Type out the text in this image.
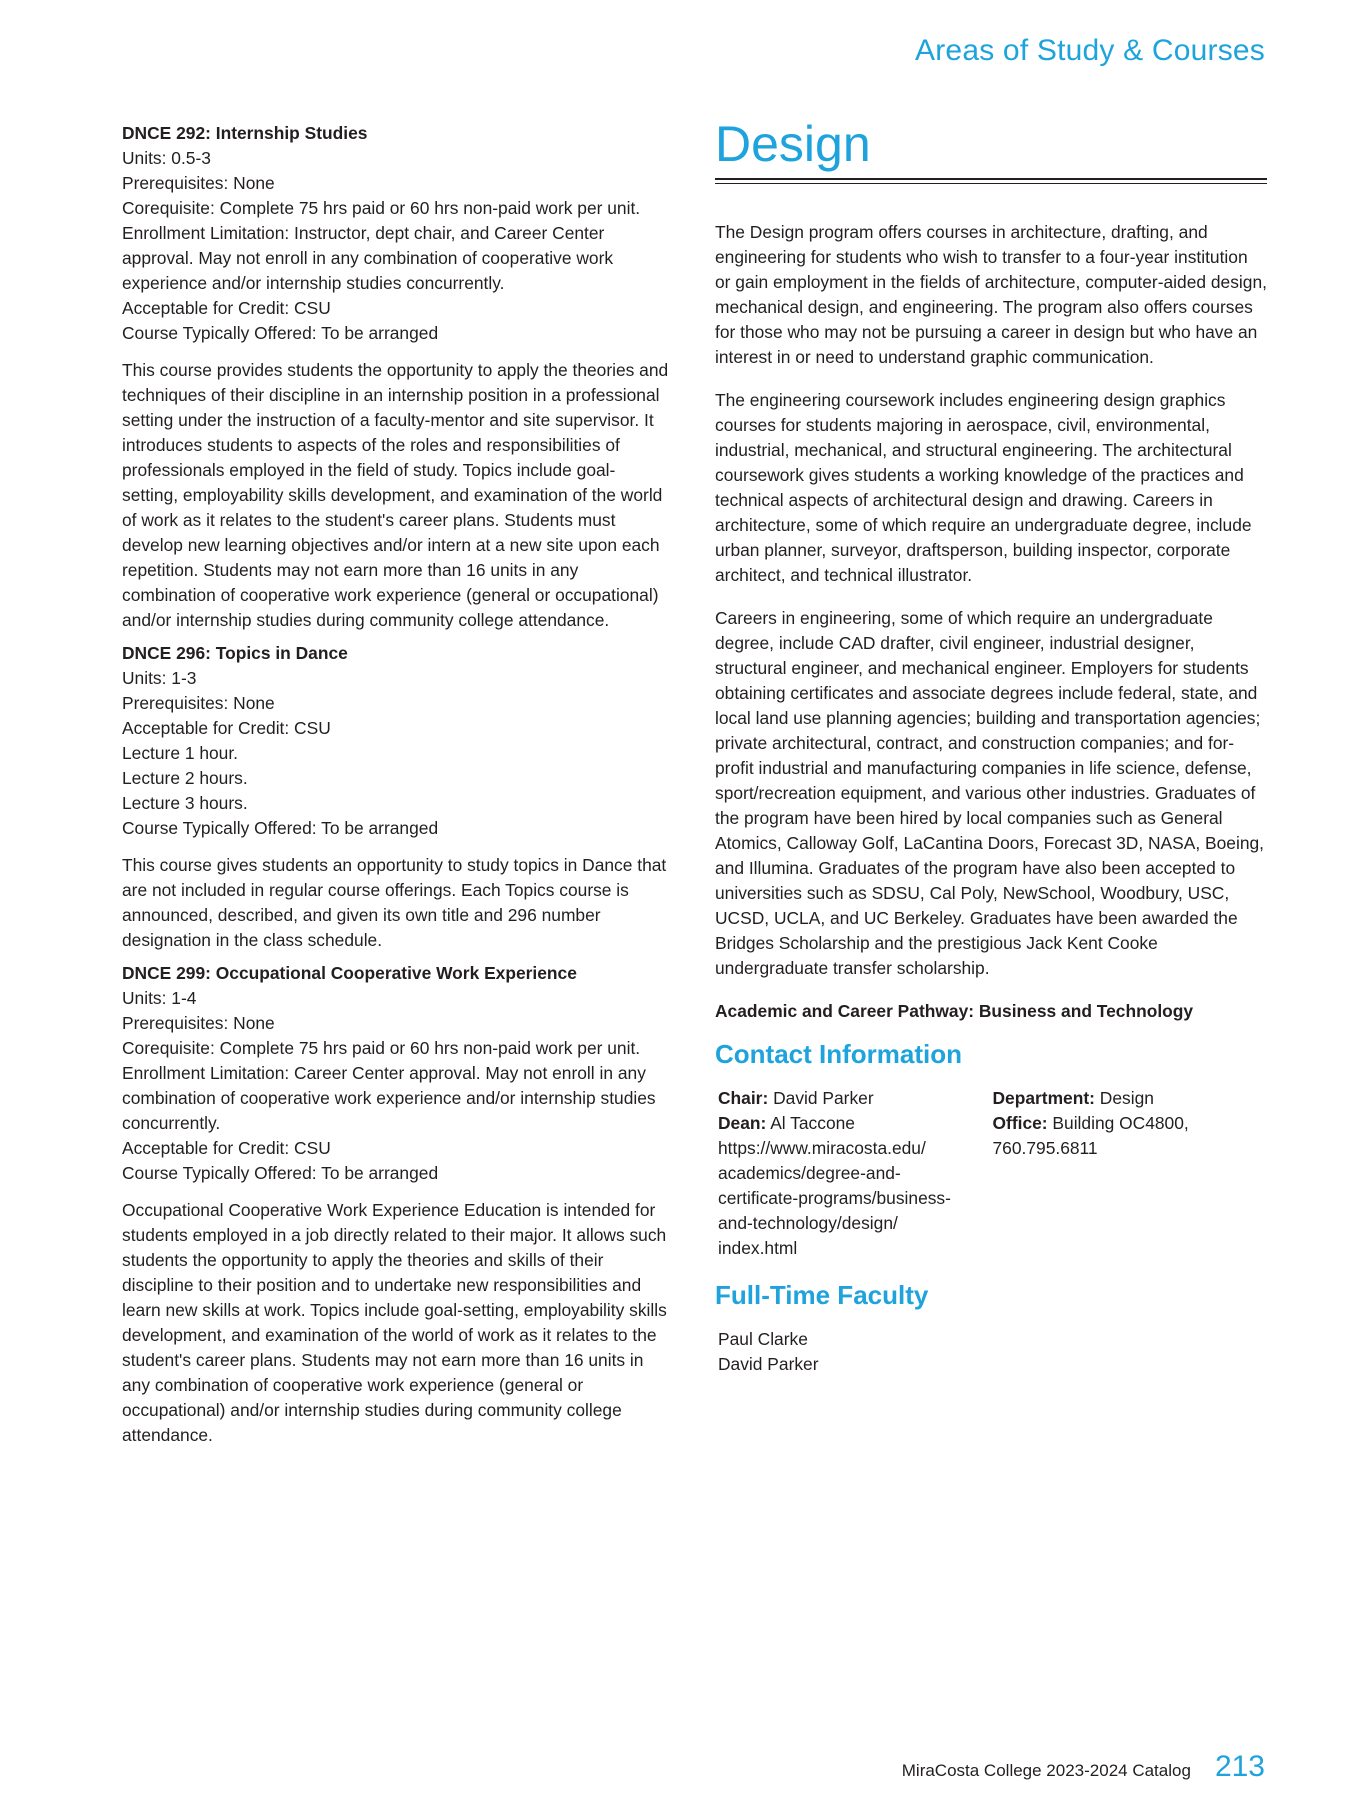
Areas of Study & Courses
DNCE 292: Internship Studies
Units: 0.5-3
Prerequisites: None
Corequisite: Complete 75 hrs paid or 60 hrs non-paid work per unit.
Enrollment Limitation: Instructor, dept chair, and Career Center approval. May not enroll in any combination of cooperative work experience and/or internship studies concurrently.
Acceptable for Credit: CSU
Course Typically Offered: To be arranged

This course provides students the opportunity to apply the theories and techniques of their discipline in an internship position in a professional setting under the instruction of a faculty-mentor and site supervisor. It introduces students to aspects of the roles and responsibilities of professionals employed in the field of study. Topics include goal-setting, employability skills development, and examination of the world of work as it relates to the student's career plans. Students must develop new learning objectives and/or intern at a new site upon each repetition. Students may not earn more than 16 units in any combination of cooperative work experience (general or occupational) and/or internship studies during community college attendance.

DNCE 296: Topics in Dance
Units: 1-3
Prerequisites: None
Acceptable for Credit: CSU
Lecture 1 hour.
Lecture 2 hours.
Lecture 3 hours.
Course Typically Offered: To be arranged

This course gives students an opportunity to study topics in Dance that are not included in regular course offerings. Each Topics course is announced, described, and given its own title and 296 number designation in the class schedule.

DNCE 299: Occupational Cooperative Work Experience
Units: 1-4
Prerequisites: None
Corequisite: Complete 75 hrs paid or 60 hrs non-paid work per unit.
Enrollment Limitation: Career Center approval. May not enroll in any combination of cooperative work experience and/or internship studies concurrently.
Acceptable for Credit: CSU
Course Typically Offered: To be arranged

Occupational Cooperative Work Experience Education is intended for students employed in a job directly related to their major. It allows such students the opportunity to apply the theories and skills of their discipline to their position and to undertake new responsibilities and learn new skills at work. Topics include goal-setting, employability skills development, and examination of the world of work as it relates to the student's career plans. Students may not earn more than 16 units in any combination of cooperative work experience (general or occupational) and/or internship studies during community college attendance.

Design

The Design program offers courses in architecture, drafting, and engineering for students who wish to transfer to a four-year institution or gain employment in the fields of architecture, computer-aided design, mechanical design, and engineering. The program also offers courses for those who may not be pursuing a career in design but who have an interest in or need to understand graphic communication.

The engineering coursework includes engineering design graphics courses for students majoring in aerospace, civil, environmental, industrial, mechanical, and structural engineering. The architectural coursework gives students a working knowledge of the practices and technical aspects of architectural design and drawing. Careers in architecture, some of which require an undergraduate degree, include urban planner, surveyor, draftsperson, building inspector, corporate architect, and technical illustrator.

Careers in engineering, some of which require an undergraduate degree, include CAD drafter, civil engineer, industrial designer, structural engineer, and mechanical engineer. Employers for students obtaining certificates and associate degrees include federal, state, and local land use planning agencies; building and transportation agencies; private architectural, contract, and construction companies; and for-profit industrial and manufacturing companies in life science, defense, sport/recreation equipment, and various other industries. Graduates of the program have been hired by local companies such as General Atomics, Calloway Golf, LaCantina Doors, Forecast 3D, NASA, Boeing, and Illumina. Graduates of the program have also been accepted to universities such as SDSU, Cal Poly, NewSchool, Woodbury, USC, UCSD, UCLA, and UC Berkeley. Graduates have been awarded the Bridges Scholarship and the prestigious Jack Kent Cooke undergraduate transfer scholarship.

Academic and Career Pathway: Business and Technology

Contact Information
Chair: David Parker
Dean: Al Taccone
https://www.miracosta.edu/
academics/degree-and-
certificate-programs/business-
and-technology/design/
index.html
Department: Design
Office: Building OC4800,
760.795.6811
Full-Time Faculty
Paul Clarke
David Parker
MiraCosta College 2023-2024 Catalog 213
